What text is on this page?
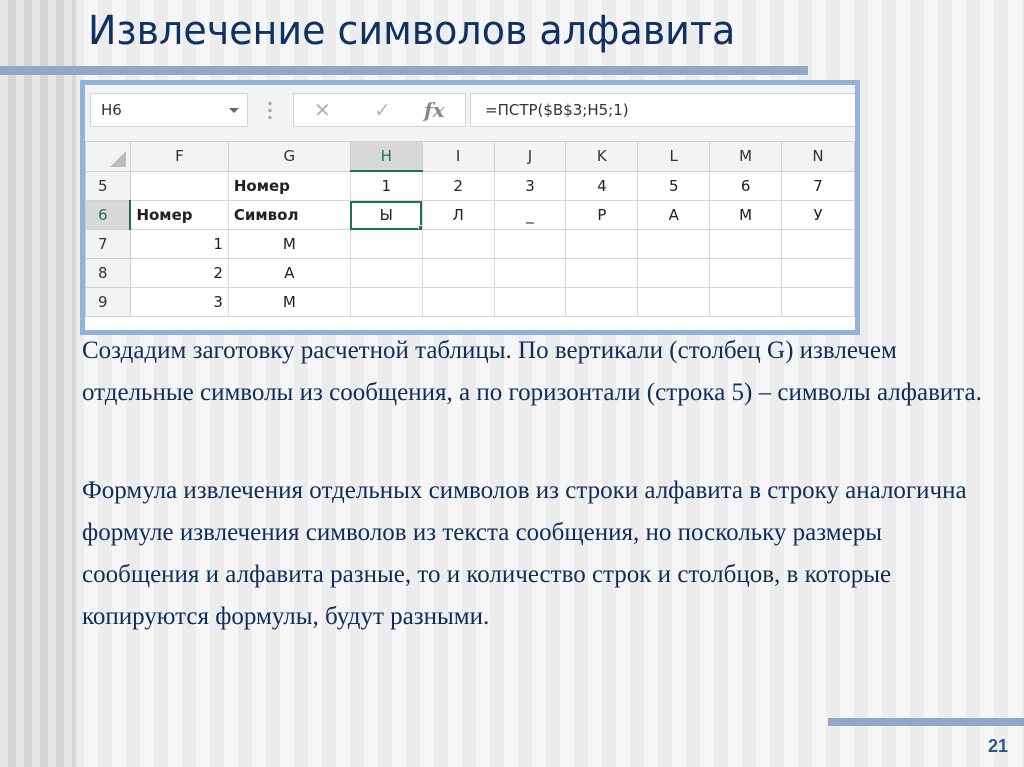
Извлечение символов алфавита
H6	✕ ✓ fx	=ПСТР($B$3;H5;1)
	F	G	H	I	J	K	L	M	N
5		Номер	1	2	3	4	5	6	7
6	Номер	Символ	Ы	Л	_	Р	А	М	У
7	1	М							
8	2	А							
9	3	М							
Создадим заготовку расчетной таблицы. По вертикали (столбец G) извлечем отдельные символы из сообщения, а по горизонтали (строка 5) – символы алфавита.
Формула извлечения отдельных символов из строки алфавита в строку аналогична формуле извлечения символов из текста сообщения, но поскольку размеры сообщения и алфавита разные, то и количество строк и столбцов, в которые копируются формулы, будут разными.
21
